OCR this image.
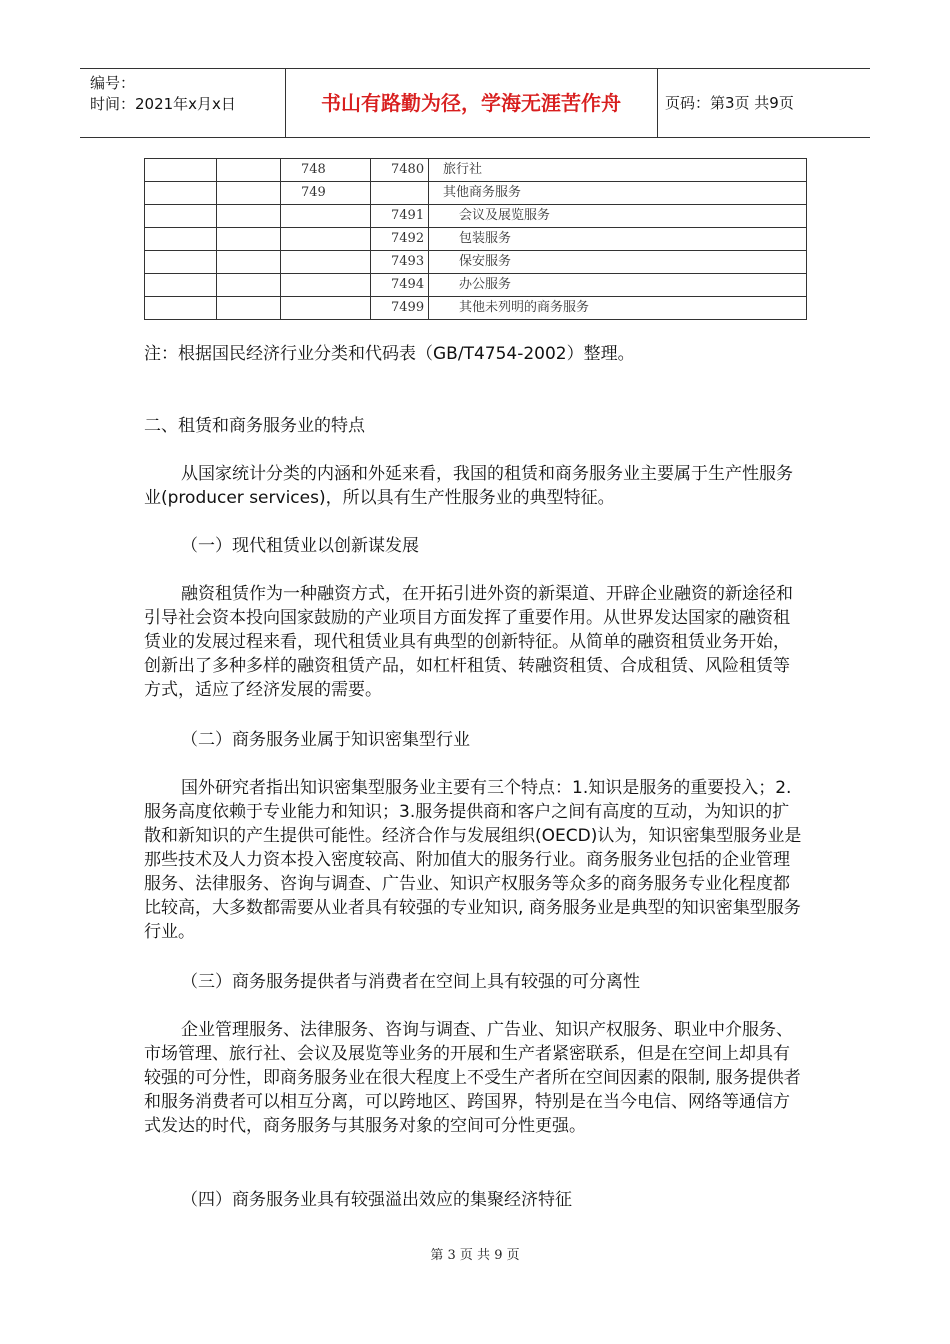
编号：
时间：2021年x月x日	书山有路勤为径，学海无涯苦作舟	页码：第3页 共9页
		748	7480	旅行社
		749		其他商务服务
			7491	会议及展览服务
			7492	包装服务
			7493	保安服务
			7494	办公服务
			7499	其他未列明的商务服务

注：根据国民经济行业分类和代码表（GB/T4754-2002）整理。

二、租赁和商务服务业的特点

从国家统计分类的内涵和外延来看，我国的租赁和商务服务业主要属于生产性服务业(producer services)，所以具有生产性服务业的典型特征。

（一）现代租赁业以创新谋发展

融资租赁作为一种融资方式，在开拓引进外资的新渠道、开辟企业融资的新途径和引导社会资本投向国家鼓励的产业项目方面发挥了重要作用。从世界发达国家的融资租赁业的发展过程来看，现代租赁业具有典型的创新特征。从简单的融资租赁业务开始，创新出了多种多样的融资租赁产品，如杠杆租赁、转融资租赁、合成租赁、风险租赁等方式，适应了经济发展的需要。

（二）商务服务业属于知识密集型行业

国外研究者指出知识密集型服务业主要有三个特点：1.知识是服务的重要投入；2.服务高度依赖于专业能力和知识；3.服务提供商和客户之间有高度的互动，为知识的扩散和新知识的产生提供可能性。经济合作与发展组织(OECD)认为，知识密集型服务业是那些技术及人力资本投入密度较高、附加值大的服务行业。商务服务业包括的企业管理服务、法律服务、咨询与调查、广告业、知识产权服务等众多的商务服务专业化程度都比较高，大多数都需要从业者具有较强的专业知识, 商务服务业是典型的知识密集型服务行业。

（三）商务服务提供者与消费者在空间上具有较强的可分离性

企业管理服务、法律服务、咨询与调查、广告业、知识产权服务、职业中介服务、市场管理、旅行社、会议及展览等业务的开展和生产者紧密联系，但是在空间上却具有较强的可分性，即商务服务业在很大程度上不受生产者所在空间因素的限制, 服务提供者和服务消费者可以相互分离，可以跨地区、跨国界，特别是在当今电信、网络等通信方式发达的时代，商务服务与其服务对象的空间可分性更强。

（四）商务服务业具有较强溢出效应的集聚经济特征

第 3 页 共 9 页
